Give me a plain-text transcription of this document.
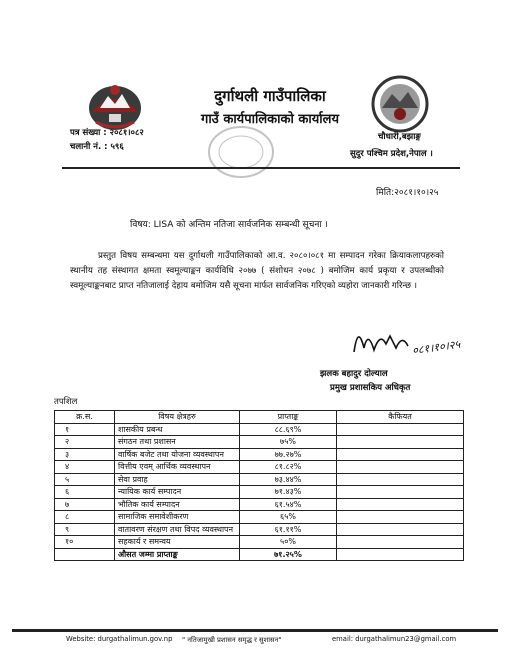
दुर्गाथली गाउँपालिका
गाउँ कार्यपालिकाको कार्यालय
पत्र संख्या : २०८१।०८२
चलानी नं. : ५९६
चौधारी,बझाङ्ग
सुदुर पश्चिम प्रदेश,नेपाल ।
मिति:२०८१।१०।२५
विषय: LISA को अन्तिम नतिजा सार्वजनिक सम्बन्धी सूचना ।
प्रस्तुत विषय सम्बन्धमा यस दुर्गाथली गाउँपालिकाको आ.व. २०८०।०८१ मा सम्पादन गरेका क्रियाकलापहरुको स्थानीय तह संस्थागत क्षमता स्वमूल्याङ्कन कार्यविधि २०७७ ( संशोधन २०७८ ) बमोजिम कार्य प्रकृया र उपलब्धीको स्वमूल्याङ्कनबाट प्राप्त नतिजालाई देहाय बमोजिम यसै सूचना मार्फत सार्वजनिक गरिएको व्यहोरा जानकारी गरिन्छ ।
०८१।१०।२५
झलक बहादुर दोल्याल
प्रमुख प्रशासकिय अधिकृत
तपशिल
क्र.स.	विषय क्षेत्रहरु	प्राप्ताङ्क	कैफियत
१	शासकीय प्रबन्ध	८८.६९%	
२	संगठन तथा प्रशासन	७५%	
३	वार्षिक बजेट तथा योजना व्यवस्थापन	७७.२७%	
४	वित्तीय एवम् आर्थिक व्यवस्थापन	८१.८२%	
५	सेवा प्रवाह	७३.४४%	
६	न्यायिक कार्य सम्पादन	७१.४३%	
७	भौतिक कार्य सम्पादन	६१.५४%	
८	सामाजिक समावेशीकरण	६५%	
९	वातावरण संरक्षण तथा विपद व्यवस्थापन	६१.११%	
१०	सहकार्य र समन्वय	५०%	
	औसत जम्मा प्राप्ताङ्क	७१.२५%	
Website: durgathalimun.gov.np " नतिजामुखी प्रशासन समृद्ध र सुशासन"	email: durgathalimun23@gmail.com
